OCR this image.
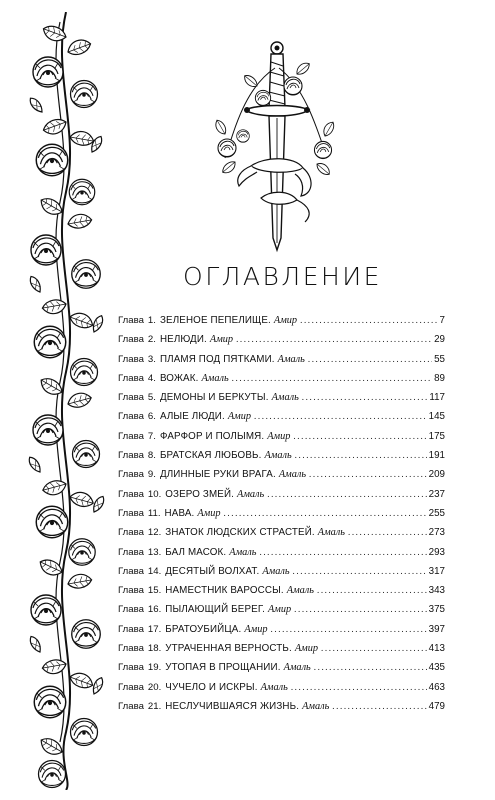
ОГЛАВЛЕНИЕ
Глава 1. ЗЕЛЕНОЕ ПЕПЕЛИЩЕ. Амир .....	7
Глава 2. НЕЛЮДИ. Амир .....	29
Глава 3. ПЛАМЯ ПОД ПЯТКАМИ. Амаль .....	55
Глава 4. ВОЖАК. Амаль .....	89
Глава 5. ДЕМОНЫ И БЕРКУТЫ. Амаль .....	117
Глава 6. АЛЫЕ ЛЮДИ. Амир .....	145
Глава 7. ФАРФОР И ПОЛЫМЯ. Амир .....	175
Глава 8. БРАТСКАЯ ЛЮБОВЬ. Амаль .....	191
Глава 9. ДЛИННЫЕ РУКИ ВРАГА. Амаль .....	209
Глава 10. ОЗЕРО ЗМЕЙ. Амаль .....	237
Глава 11. НАВА. Амир .....	255
Глава 12. ЗНАТОК ЛЮДСКИХ СТРАСТЕЙ. Амаль .....	273
Глава 13. БАЛ МАСОК. Амаль .....	293
Глава 14. ДЕСЯТЫЙ ВОЛХАТ. Амаль .....	317
Глава 15. НАМЕСТНИК ВАРОССЫ. Амаль .....	343
Глава 16. ПЫЛАЮЩИЙ БЕРЕГ. Амир .....	375
Глава 17. БРАТОУБИЙЦА. Амир .....	397
Глава 18. УТРАЧЕННАЯ ВЕРНОСТЬ. Амир .....	413
Глава 19. УТОПАЯ В ПРОЩАНИИ. Амаль .....	435
Глава 20. ЧУЧЕЛО И ИСКРЫ. Амаль .....	463
Глава 21. НЕСЛУЧИВШАЯСЯ ЖИЗНЬ. Амаль .....	479
